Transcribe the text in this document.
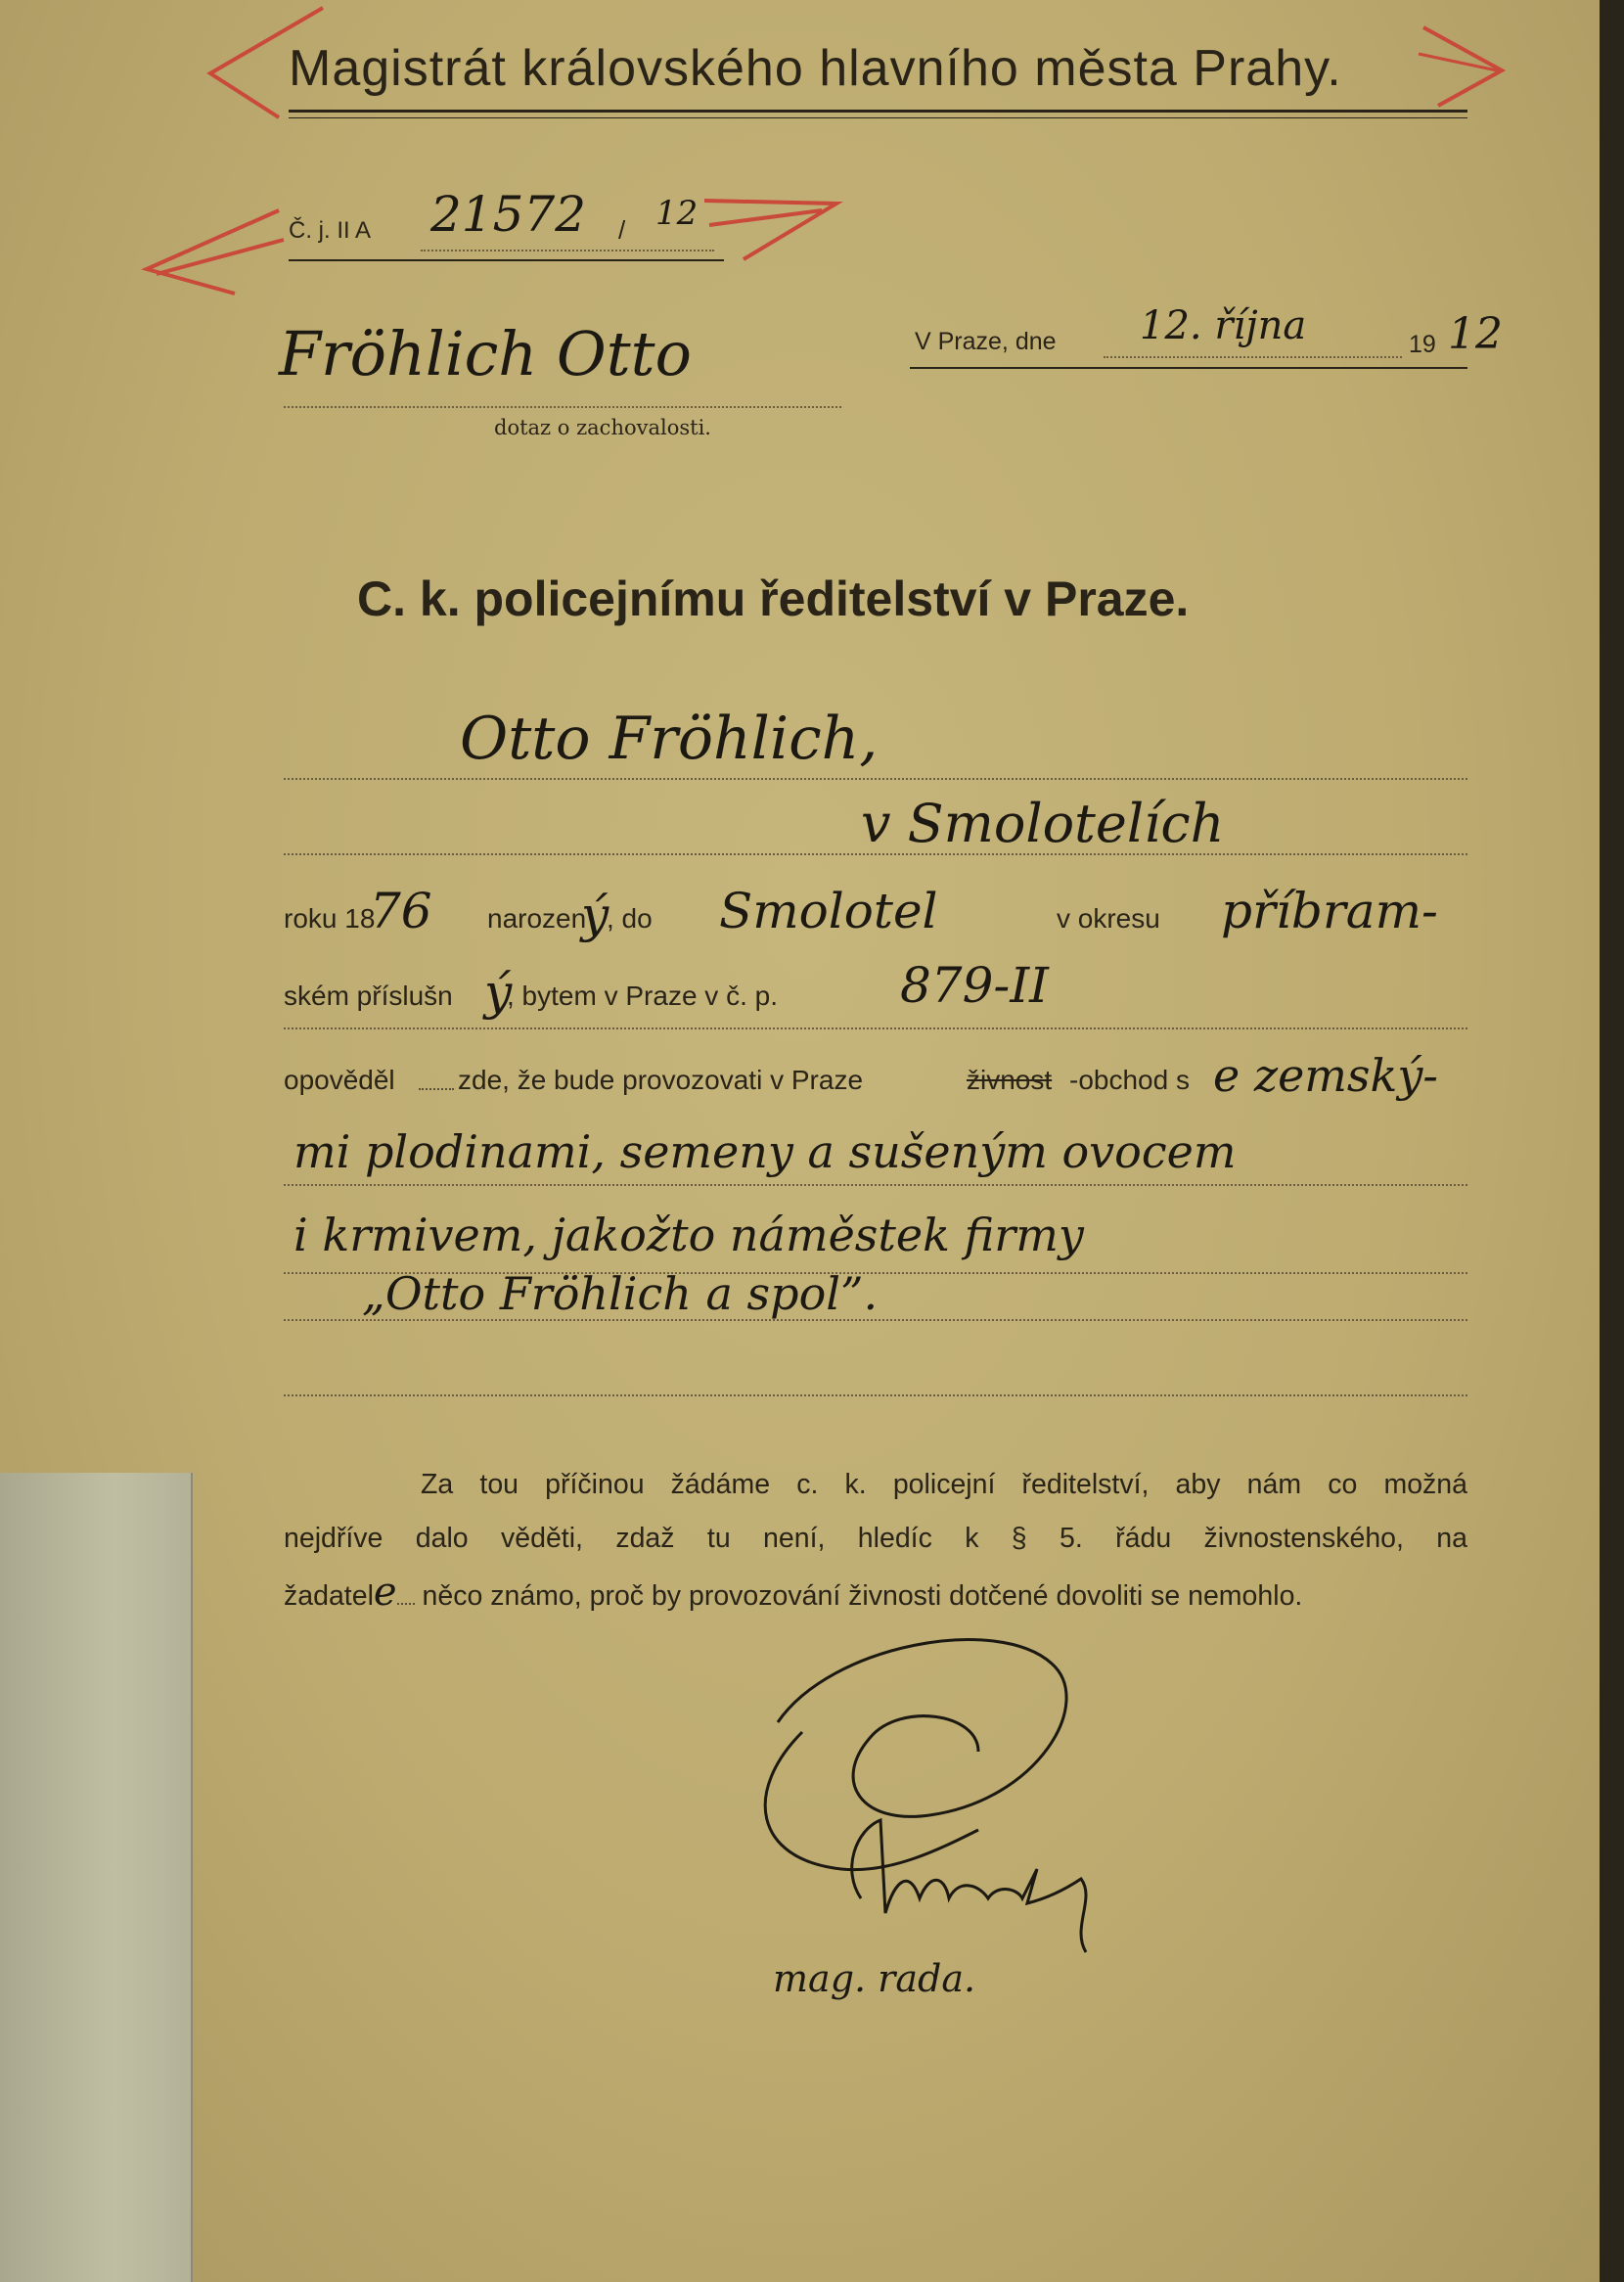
Magistrát královského hlavního města Prahy.
Č. j. II A 21572 / 12
V Praze, dne 12. října	19 12
Fröhlich Otto
dotaz o zachovalosti.
C. k. policejnímu ředitelství v Praze.
Otto Fröhlich,
v Smolotelích
roku 18
76 narozen
ý
, do Smolotel	v okresu příbram-
ském příslušn ý
, bytem v Praze v č. p.	879-II
opověděl zde, že bude provozovati v Praze	živnost -obchod s e zemský-
mi plodinami, semeny a sušeným ovocem
i krmivem, jakožto náměstek firmy
„Otto Fröhlich a spol”.
Za tou příčinou žádáme c. k. policejní ředitelství, aby nám co možná
nejdříve dalo věděti, zdaž tu není, hledíc k § 5. řádu živnostenského, na
žadatele něco známo, proč by provozování živnosti dotčené dovoliti se nemohlo.
mag. rada.
